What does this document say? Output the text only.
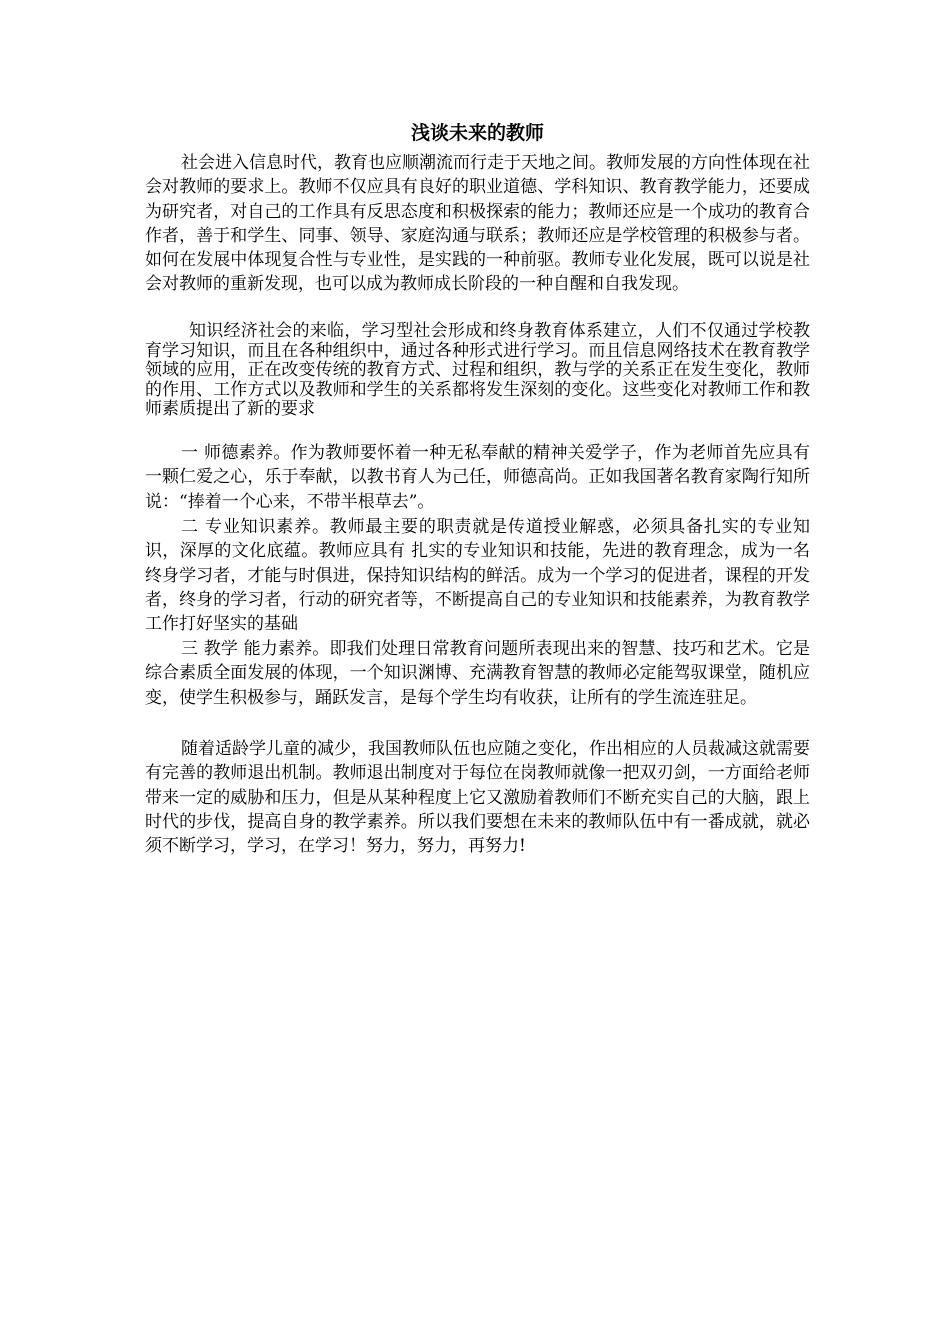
浅谈未来的教师

社会进入信息时代，教育也应顺潮流而行走于天地之间。教师发展的方向性体现在社会对教师的要求上。教师不仅应具有良好的职业道德、学科知识、教育教学能力，还要成为研究者，对自己的工作具有反思态度和积极探索的能力；教师还应是一个成功的教育合作者，善于和学生、同事、领导、家庭沟通与联系；教师还应是学校管理的积极参与者。如何在发展中体现复合性与专业性，是实践的一种前驱。教师专业化发展，既可以说是社会对教师的重新发现，也可以成为教师成长阶段的一种自醒和自我发现。

知识经济社会的来临，学习型社会形成和终身教育体系建立，人们不仅通过学校教育学习知识，而且在各种组织中，通过各种形式进行学习。而且信息网络技术在教育教学领域的应用，正在改变传统的教育方式、过程和组织，教与学的关系正在发生变化，教师的作用、工作方式以及教师和学生的关系都将发生深刻的变化。这些变化对教师工作和教师素质提出了新的要求

一 师德素养。作为教师要怀着一种无私奉献的精神关爱学子，作为老师首先应具有 一颗仁爱之心，乐于奉献，以教书育人为己任，师德高尚。正如我国著名教育家陶行知所说：“捧着一个心来，不带半根草去”。

二 专业知识素养。教师最主要的职责就是传道授业解惑，必须具备扎实的专业知识，深厚的文化底蕴。教师应具有 扎实的专业知识和技能，先进的教育理念，成为一名终身学习者，才能与时俱进，保持知识结构的鲜活。成为一个学习的促进者，课程的开发者，终身的学习者，行动的研究者等，不断提高自己的专业知识和技能素养，为教育教学工作打好坚实的基础

三 教学 能力素养。即我们处理日常教育问题所表现出来的智慧、技巧和艺术。它是综合素质全面发展的体现，一个知识渊博、充满教育智慧的教师必定能驾驭课堂，随机应变，使学生积极参与，踊跃发言，是每个学生均有收获，让所有的学生流连驻足。

随着适龄学儿童的减少，我国教师队伍也应随之变化，作出相应的人员裁减这就需要有完善的教师退出机制。教师退出制度对于每位在岗教师就像一把双刃剑，一方面给老师带来一定的威胁和压力，但是从某种程度上它又激励着教师们不断充实自己的大脑，跟上时代的步伐，提高自身的教学素养。所以我们要想在未来的教师队伍中有一番成就，就必须不断学习，学习，在学习！努力，努力，再努力!
